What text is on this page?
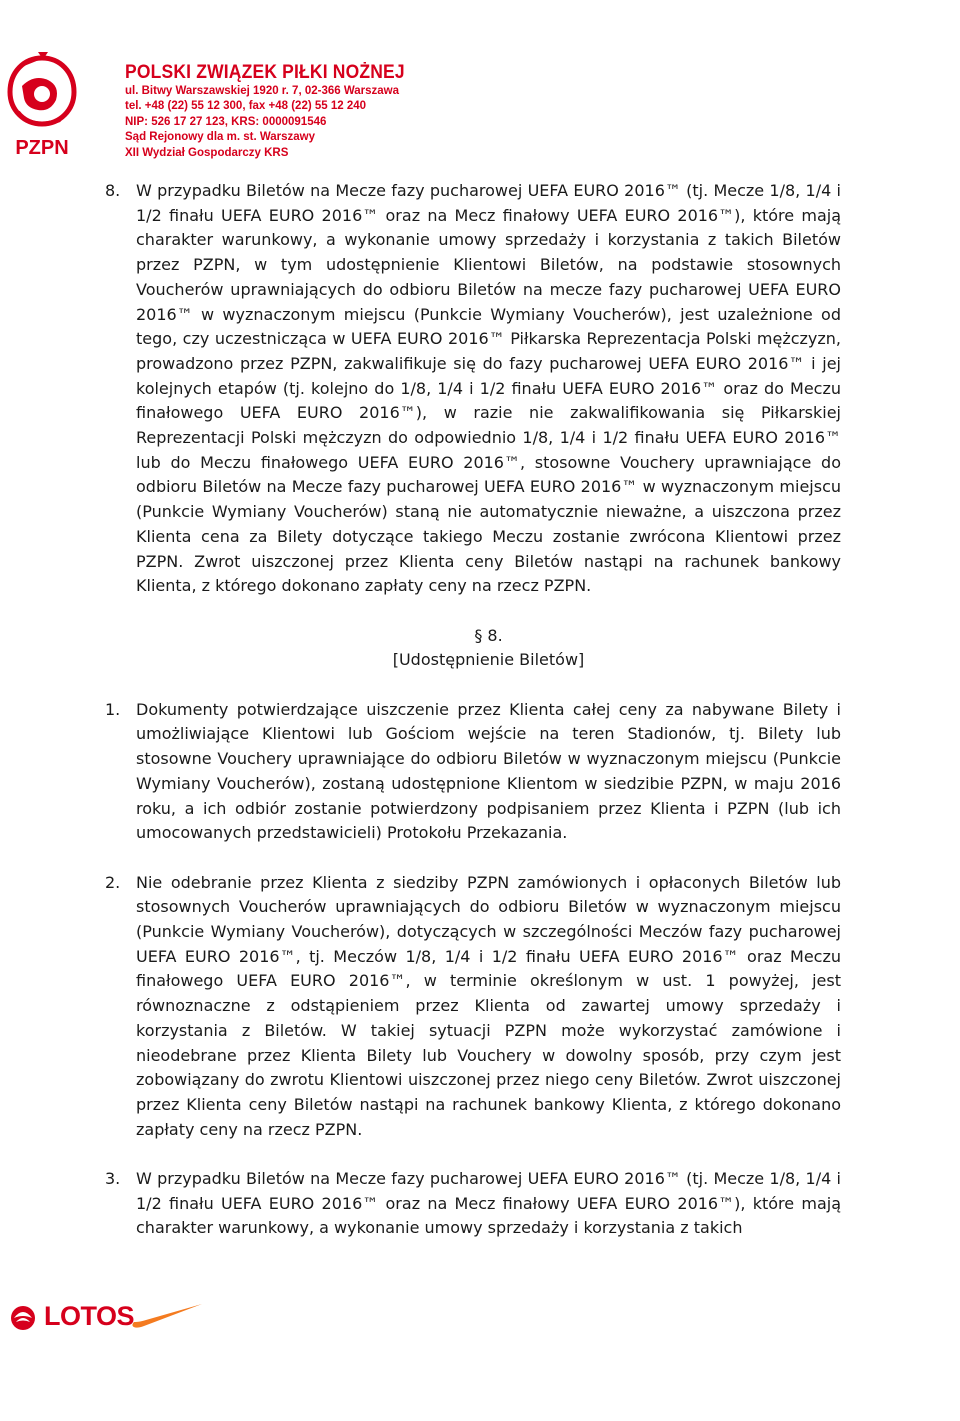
PZPN
POLSKI ZWIĄZEK PIŁKI NOŻNEJ
ul. Bitwy Warszawskiej 1920 r. 7, 02-366 Warszawa
tel. +48 (22) 55 12 300, fax +48 (22) 55 12 240
NIP: 526 17 27 123, KRS: 0000091546
Sąd Rejonowy dla m. st. Warszawy
XII Wydział Gospodarczy KRS
8. W przypadku Biletów na Mecze fazy pucharowej UEFA EURO 2016™ (tj. Mecze 1/8, 1/4 i 1/2 finału UEFA EURO 2016™ oraz na Mecz finałowy UEFA EURO 2016™), które mają charakter warunkowy, a wykonanie umowy sprzedaży i korzystania z takich Biletów przez PZPN, w tym udostępnienie Klientowi Biletów, na podstawie stosownych Voucherów uprawniających do odbioru Biletów na mecze fazy pucharowej UEFA EURO 2016™ w wyznaczonym miejscu (Punkcie Wymiany Voucherów), jest uzależnione od tego, czy uczestnicząca w UEFA EURO 2016™ Piłkarska Reprezentacja Polski mężczyzn, prowadzono przez PZPN, zakwalifikuje się do fazy pucharowej UEFA EURO 2016™ i jej kolejnych etapów (tj. kolejno do 1/8, 1/4 i 1/2 finału UEFA EURO 2016™ oraz do Meczu finałowego UEFA EURO 2016™), w razie nie zakwalifikowania się Piłkarskiej Reprezentacji Polski mężczyzn do odpowiednio 1/8, 1/4 i 1/2 finału UEFA EURO 2016™ lub do Meczu finałowego UEFA EURO 2016™, stosowne Vouchery uprawniające do odbioru Biletów na Mecze fazy pucharowej UEFA EURO 2016™ w wyznaczonym miejscu (Punkcie Wymiany Voucherów) staną nie automatycznie nieważne, a uiszczona przez Klienta cena za Bilety dotyczące takiego Meczu zostanie zwrócona Klientowi przez PZPN. Zwrot uiszczonej przez Klienta ceny Biletów nastąpi na rachunek bankowy Klienta, z którego dokonano zapłaty ceny na rzecz PZPN.
§ 8.
[Udostępnienie Biletów]
1. Dokumenty potwierdzające uiszczenie przez Klienta całej ceny za nabywane Bilety i umożliwiające Klientowi lub Gościom wejście na teren Stadionów, tj. Bilety lub stosowne Vouchery uprawniające do odbioru Biletów w wyznaczonym miejscu (Punkcie Wymiany Voucherów), zostaną udostępnione Klientom w siedzibie PZPN, w maju 2016 roku, a ich odbiór zostanie potwierdzony podpisaniem przez Klienta i PZPN (lub ich umocowanych przedstawicieli) Protokołu Przekazania.
2. Nie odebranie przez Klienta z siedziby PZPN zamówionych i opłaconych Biletów lub stosownych Voucherów uprawniających do odbioru Biletów w wyznaczonym miejscu (Punkcie Wymiany Voucherów), dotyczących w szczególności Meczów fazy pucharowej UEFA EURO 2016™, tj. Meczów 1/8, 1/4 i 1/2 finału UEFA EURO 2016™ oraz Meczu finałowego UEFA EURO 2016™, w terminie określonym w ust. 1 powyżej, jest równoznaczne z odstąpieniem przez Klienta od zawartej umowy sprzedaży i korzystania z Biletów. W takiej sytuacji PZPN może wykorzystać zamówione i nieodebrane przez Klienta Bilety lub Vouchery w dowolny sposób, przy czym jest zobowiązany do zwrotu Klientowi uiszczonej przez niego ceny Biletów. Zwrot uiszczonej przez Klienta ceny Biletów nastąpi na rachunek bankowy Klienta, z którego dokonano zapłaty ceny na rzecz PZPN.
3. W przypadku Biletów na Mecze fazy pucharowej UEFA EURO 2016™ (tj. Mecze 1/8, 1/4 i 1/2 finału UEFA EURO 2016™ oraz na Mecz finałowy UEFA EURO 2016™), które mają charakter warunkowy, a wykonanie umowy sprzedaży i korzystania z takich
LOTOS
